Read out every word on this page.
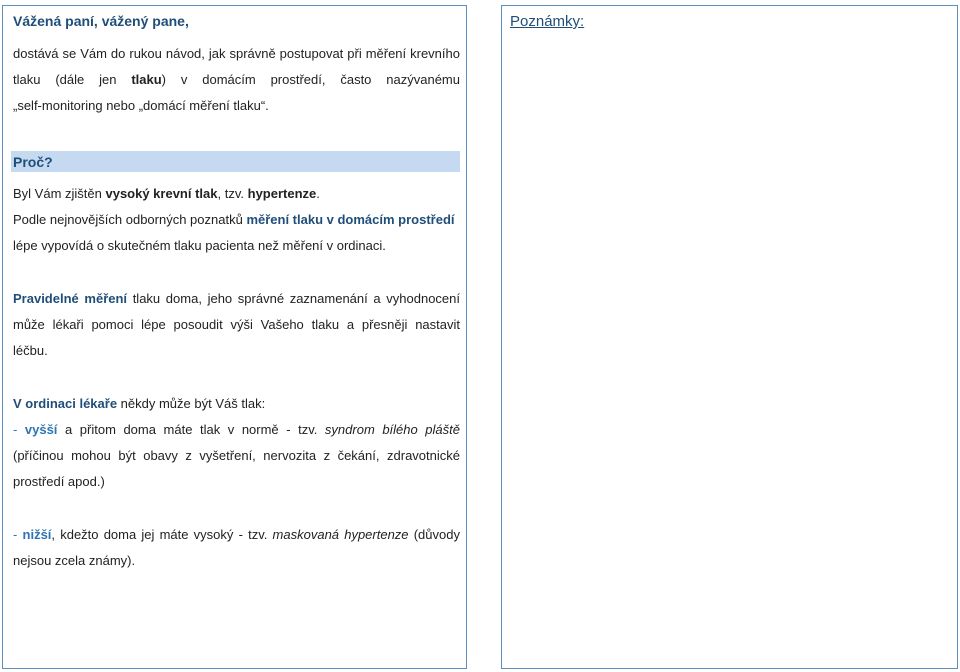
Vážená paní, vážený pane,
dostává se Vám do rukou návod, jak správně postupovat při měření krevního
tlaku (dále jen tlaku) v domácím prostředí, často nazývanému
„self-monitoring nebo „domácí měření tlaku“.
Proč?
Byl Vám zjištěn vysoký krevní tlak, tzv. hypertenze.
Podle nejnovějších odborných poznatků měření tlaku v domácím prostředí
lépe vypovídá o skutečném tlaku pacienta než měření v ordinaci.
Pravidelné měření tlaku doma, jeho správné zaznamenání a vyhodnocení
může lékaři pomoci lépe posoudit výši Vašeho tlaku a přesněji nastavit
léčbu.
V ordinaci lékaře někdy může být Váš tlak:
- vyšší a přitom doma máte tlak v normě - tzv. syndrom bílého pláště
(příčinou mohou být obavy z vyšetření, nervozita z čekání, zdravotnické
prostředí apod.)
- nižší, kdežto doma jej máte vysoký - tzv. maskovaná hypertenze (důvody
nejsou zcela známy).
Poznámky:
